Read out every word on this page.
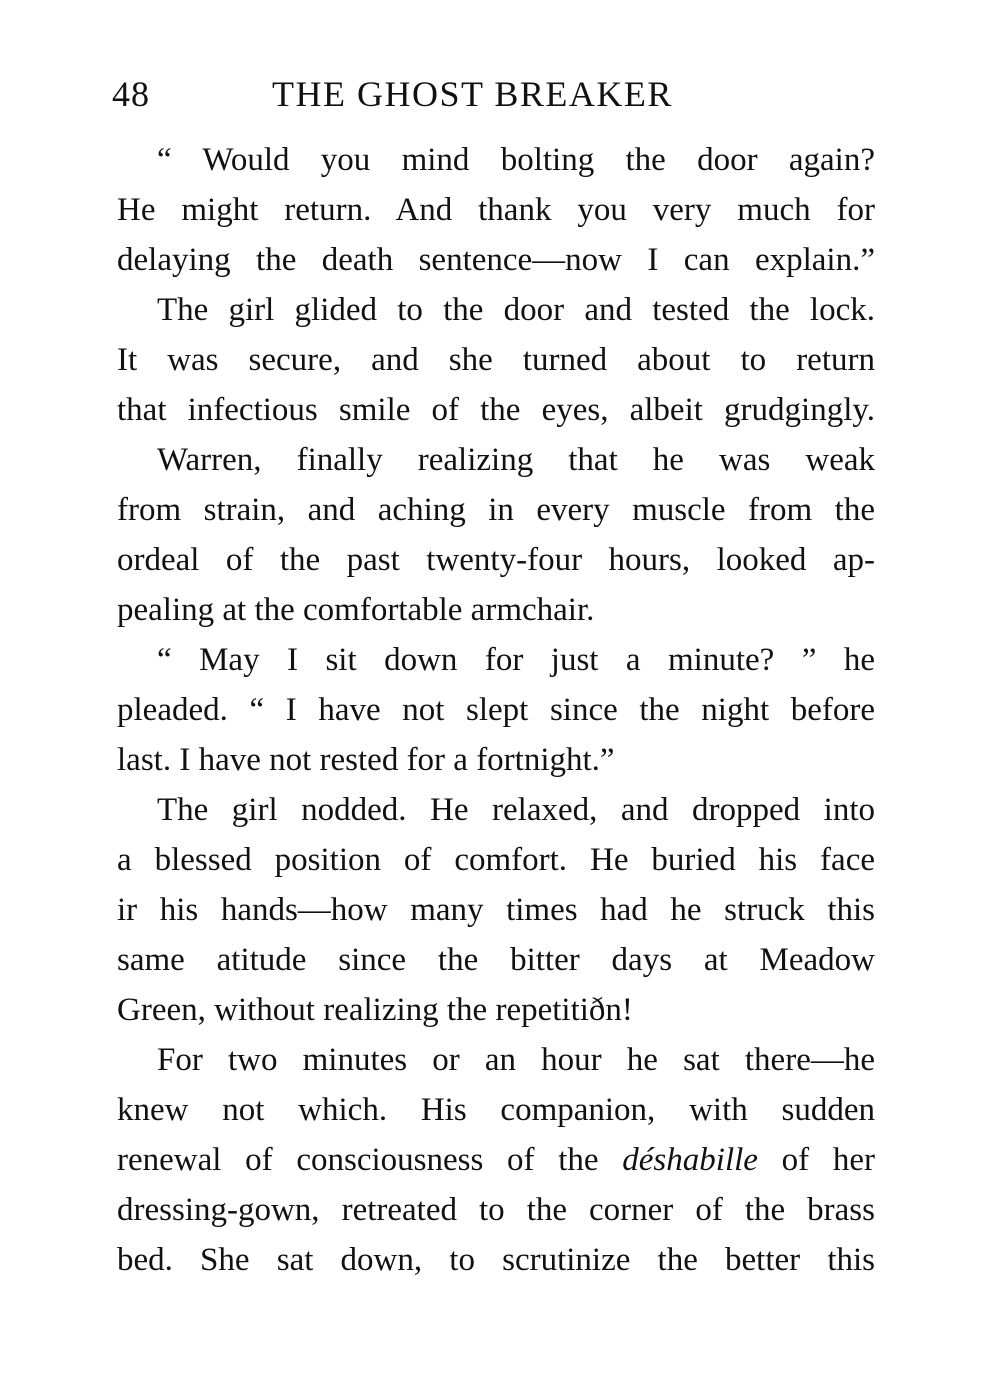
48	THE GHOST BREAKER

“ Would you mind bolting the door again?
He might return. And thank you very much for
delaying the death sentence—now I can explain.”

The girl glided to the door and tested the lock.
It was secure, and she turned about to return
that infectious smile of the eyes, albeit grudgingly.

Warren, finally realizing that he was weak
from strain, and aching in every muscle from the
ordeal of the past twenty-four hours, looked ap-
pealing at the comfortable armchair.

“ May I sit down for just a minute? ” he
pleaded. “ I have not slept since the night before
last. I have not rested for a fortnight.”

The girl nodded. He relaxed, and dropped into
a blessed position of comfort. He buried his face
ir his hands—how many times had he struck this
same atitude since the bitter days at Meadow
Green, without realizing the repetitiðn!

For two minutes or an hour he sat there—he
knew not which. His companion, with sudden
renewal of consciousness of the déshabille of her
dressing-gown, retreated to the corner of the brass
bed. She sat down, to scrutinize the better this
